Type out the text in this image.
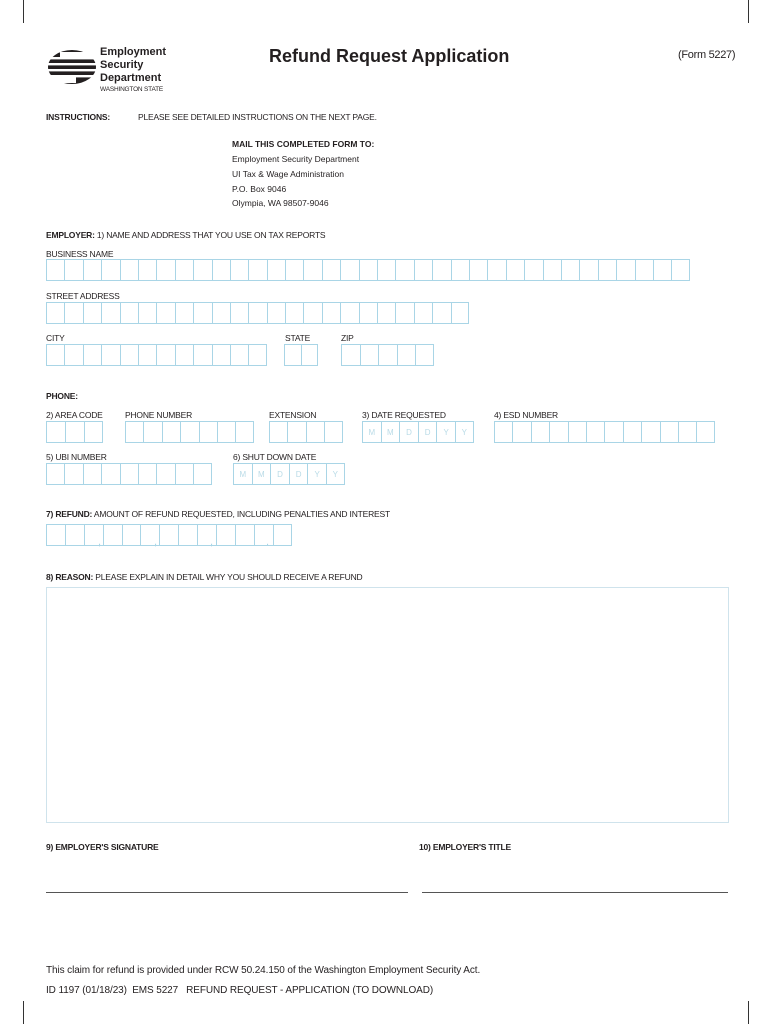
Employment
Security
Department
WASHINGTON STATE
Refund Request Application	(Form 5227)
INSTRUCTIONS:	PLEASE SEE DETAILED INSTRUCTIONS ON THE NEXT PAGE.
MAIL THIS COMPLETED FORM TO:
Employment Security Department
UI Tax & Wage Administration
P.O. Box 9046
Olympia, WA 98507-9046
EMPLOYER: 1) NAME AND ADDRESS THAT YOU USE ON TAX REPORTS
BUSINESS NAME
STREET ADDRESS
CITY	STATE	ZIP
PHONE:
2) AREA CODE	PHONE NUMBER	EXTENSION	3) DATE REQUESTED
M	M	D	D	Y	Y
4) ESD NUMBER
5) UBI NUMBER	6) SHUT DOWN DATE
M	M	D	D	Y	Y
7) REFUND: AMOUNT OF REFUND REQUESTED, INCLUDING PENALTIES AND INTEREST
,	,	,	.
8) REASON: PLEASE EXPLAIN IN DETAIL WHY YOU SHOULD RECEIVE A REFUND
9) EMPLOYER'S SIGNATURE	10) EMPLOYER'S TITLE
This claim for refund is provided under RCW 50.24.150 of the Washington Employment Security Act.
ID 1197 (01/18/23)  EMS 5227   REFUND REQUEST - APPLICATION (TO DOWNLOAD)
